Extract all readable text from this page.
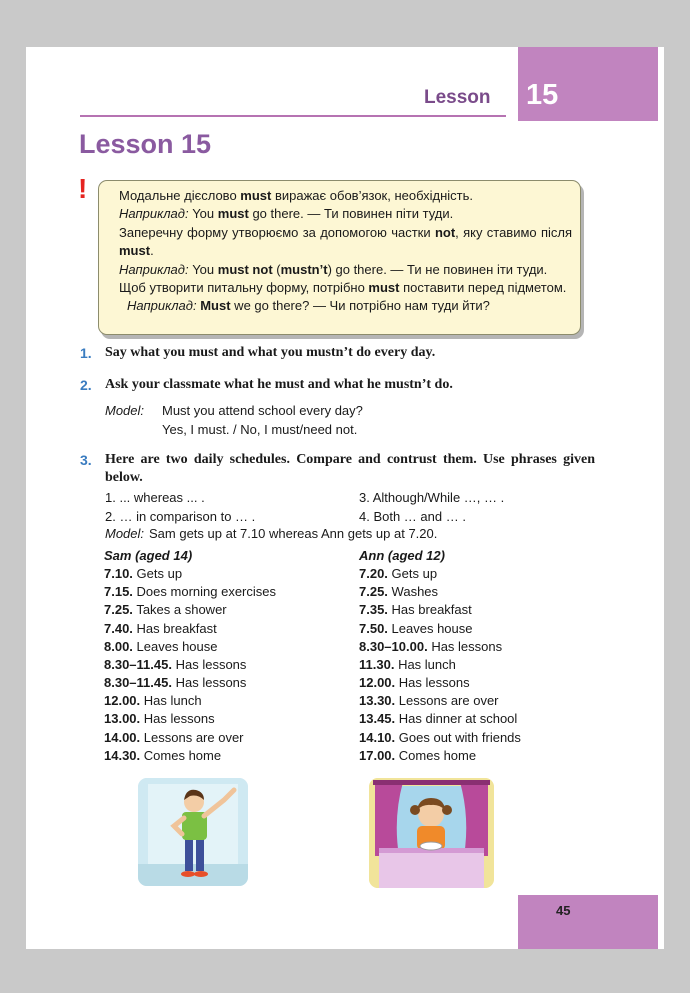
15
Lesson
Lesson 15
! Модальне дієслово must виражає обов’язок, необхідність.

Наприклад: You must go there. — Ти повинен піти туди.

Заперечну форму утворюємо за допомогою частки not, яку ставимо після must.

Наприклад: You must not (mustn’t) go there. — Ти не повинен іти туди.

Щоб утворити питальну форму, потрібно must поставити перед підметом.

Наприклад: Must we go there? — Чи потрібно нам туди йти?

1. Say what you must and what you mustn’t do every day.
2. Ask your classmate what he must and what he mustn’t do.
Model: Must you attend school every day?
Yes, I must. / No, I must/need not.
3. Here are two daily schedules. Compare and contrust them. Use phrases given below.
1. ... whereas ... .
2. … in comparison to … .
3. Although/While …, … .
4. Both … and … .
Model: Sam gets up at 7.10 whereas Ann gets up at 7.20.
Sam (aged 14)
7.10. Gets up
7.15. Does morning exercises
7.25. Takes a shower
7.40. Has breakfast
8.00. Leaves house
8.30–11.45. Has lessons
8.30–11.45. Has lessons
12.00. Has lunch
13.00. Has lessons
14.00. Lessons are over
14.30. Comes home
Ann (aged 12)
7.20. Gets up
7.25. Washes
7.35. Has breakfast
7.50. Leaves house
8.30–10.00. Has lessons
11.30. Has lunch
12.00. Has lessons
13.30. Lessons are over
13.45. Has dinner at school
14.10. Goes out with friends
17.00. Comes home
45
